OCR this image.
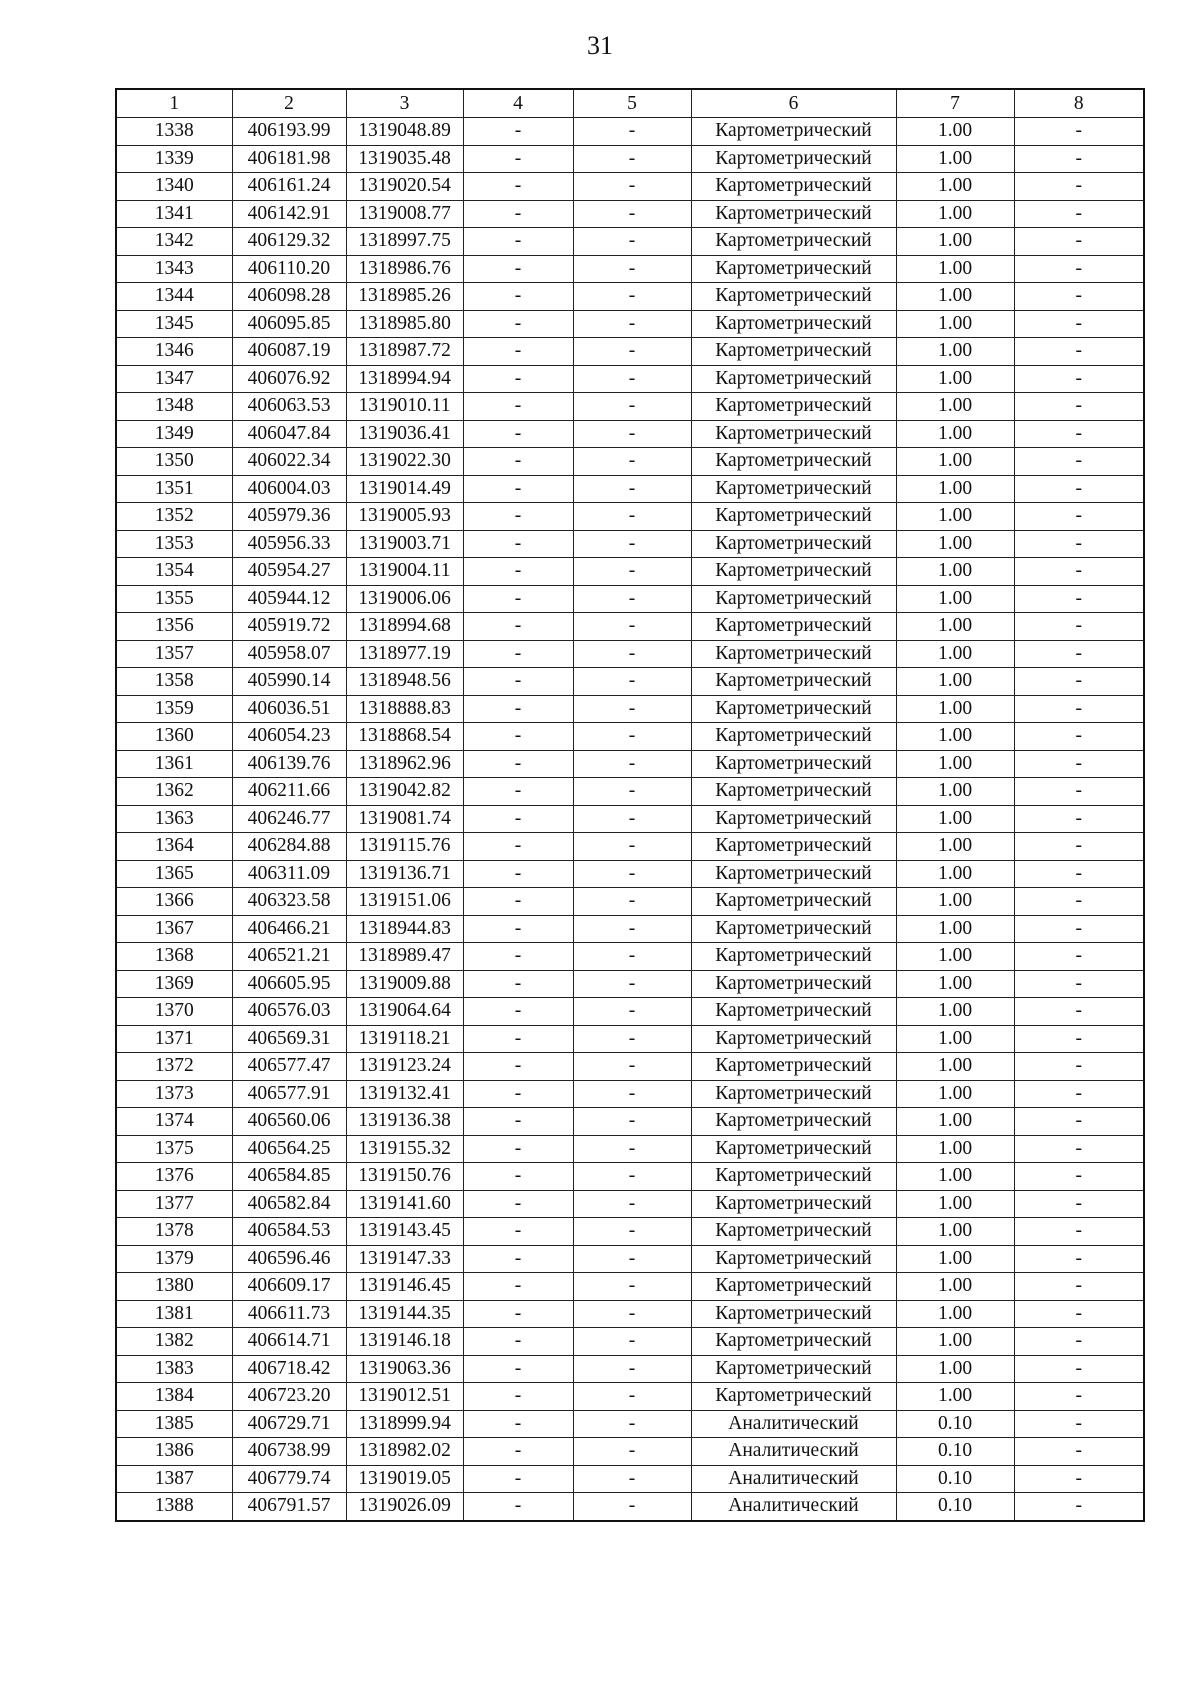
31
1	2	3	4	5	6	7	8
1338	406193.99	1319048.89	-	-	Картометрический	1.00	-
1339	406181.98	1319035.48	-	-	Картометрический	1.00	-
1340	406161.24	1319020.54	-	-	Картометрический	1.00	-
1341	406142.91	1319008.77	-	-	Картометрический	1.00	-
1342	406129.32	1318997.75	-	-	Картометрический	1.00	-
1343	406110.20	1318986.76	-	-	Картометрический	1.00	-
1344	406098.28	1318985.26	-	-	Картометрический	1.00	-
1345	406095.85	1318985.80	-	-	Картометрический	1.00	-
1346	406087.19	1318987.72	-	-	Картометрический	1.00	-
1347	406076.92	1318994.94	-	-	Картометрический	1.00	-
1348	406063.53	1319010.11	-	-	Картометрический	1.00	-
1349	406047.84	1319036.41	-	-	Картометрический	1.00	-
1350	406022.34	1319022.30	-	-	Картометрический	1.00	-
1351	406004.03	1319014.49	-	-	Картометрический	1.00	-
1352	405979.36	1319005.93	-	-	Картометрический	1.00	-
1353	405956.33	1319003.71	-	-	Картометрический	1.00	-
1354	405954.27	1319004.11	-	-	Картометрический	1.00	-
1355	405944.12	1319006.06	-	-	Картометрический	1.00	-
1356	405919.72	1318994.68	-	-	Картометрический	1.00	-
1357	405958.07	1318977.19	-	-	Картометрический	1.00	-
1358	405990.14	1318948.56	-	-	Картометрический	1.00	-
1359	406036.51	1318888.83	-	-	Картометрический	1.00	-
1360	406054.23	1318868.54	-	-	Картометрический	1.00	-
1361	406139.76	1318962.96	-	-	Картометрический	1.00	-
1362	406211.66	1319042.82	-	-	Картометрический	1.00	-
1363	406246.77	1319081.74	-	-	Картометрический	1.00	-
1364	406284.88	1319115.76	-	-	Картометрический	1.00	-
1365	406311.09	1319136.71	-	-	Картометрический	1.00	-
1366	406323.58	1319151.06	-	-	Картометрический	1.00	-
1367	406466.21	1318944.83	-	-	Картометрический	1.00	-
1368	406521.21	1318989.47	-	-	Картометрический	1.00	-
1369	406605.95	1319009.88	-	-	Картометрический	1.00	-
1370	406576.03	1319064.64	-	-	Картометрический	1.00	-
1371	406569.31	1319118.21	-	-	Картометрический	1.00	-
1372	406577.47	1319123.24	-	-	Картометрический	1.00	-
1373	406577.91	1319132.41	-	-	Картометрический	1.00	-
1374	406560.06	1319136.38	-	-	Картометрический	1.00	-
1375	406564.25	1319155.32	-	-	Картометрический	1.00	-
1376	406584.85	1319150.76	-	-	Картометрический	1.00	-
1377	406582.84	1319141.60	-	-	Картометрический	1.00	-
1378	406584.53	1319143.45	-	-	Картометрический	1.00	-
1379	406596.46	1319147.33	-	-	Картометрический	1.00	-
1380	406609.17	1319146.45	-	-	Картометрический	1.00	-
1381	406611.73	1319144.35	-	-	Картометрический	1.00	-
1382	406614.71	1319146.18	-	-	Картометрический	1.00	-
1383	406718.42	1319063.36	-	-	Картометрический	1.00	-
1384	406723.20	1319012.51	-	-	Картометрический	1.00	-
1385	406729.71	1318999.94	-	-	Аналитический	0.10	-
1386	406738.99	1318982.02	-	-	Аналитический	0.10	-
1387	406779.74	1319019.05	-	-	Аналитический	0.10	-
1388	406791.57	1319026.09	-	-	Аналитический	0.10	-
